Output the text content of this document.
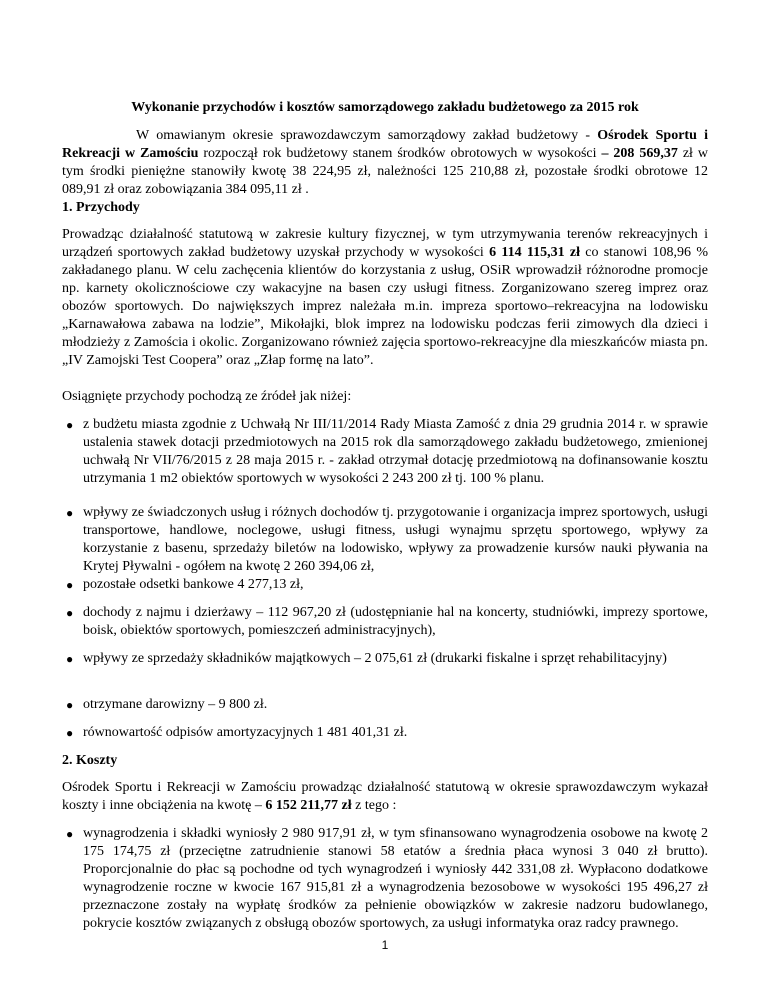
Wykonanie przychodów i kosztów samorządowego zakładu budżetowego za 2015 rok

W omawianym okresie sprawozdawczym samorządowy zakład budżetowy - Ośrodek Sportu i Rekreacji w Zamościu rozpoczął rok budżetowy stanem środków obrotowych w wysokości – 208 569,37 zł w tym środki pieniężne stanowiły kwotę 38 224,95 zł, należności 125 210,88 zł, pozostałe środki obrotowe 12 089,91 zł oraz zobowiązania 384 095,11 zł .

1. Przychody

Prowadząc działalność statutową w zakresie kultury fizycznej, w tym utrzymywania terenów rekreacyjnych i urządzeń sportowych zakład budżetowy uzyskał przychody w wysokości 6 114 115,31 zł co stanowi 108,96 % zakładanego planu. W celu zachęcenia klientów do korzystania z usług, OSiR wprowadził różnorodne promocje np. karnety okolicznościowe czy wakacyjne na basen czy usługi fitness. Zorganizowano szereg imprez oraz obozów sportowych. Do największych imprez należała m.in. impreza sportowo–rekreacyjna na lodowisku „Karnawałowa zabawa na lodzie”, Mikołajki, blok imprez na lodowisku podczas ferii zimowych dla dzieci i młodzieży z Zamościa i okolic. Zorganizowano również zajęcia sportowo-rekreacyjne dla mieszkańców miasta pn. „IV Zamojski Test Coopera” oraz „Złap formę na lato”.

Osiągnięte przychody pochodzą ze źródeł jak niżej:

● z budżetu miasta zgodnie z Uchwałą Nr III/11/2014 Rady Miasta Zamość z dnia 29 grudnia 2014 r. w sprawie ustalenia stawek dotacji przedmiotowych na 2015 rok dla samorządowego zakładu budżetowego, zmienionej uchwałą Nr VII/76/2015 z 28 maja 2015 r. - zakład otrzymał dotację przedmiotową na dofinansowanie kosztu utrzymania 1 m2 obiektów sportowych w wysokości 2 243 200 zł tj. 100 % planu.
● wpływy ze świadczonych usług i różnych dochodów tj. przygotowanie i organizacja imprez sportowych, usługi transportowe, handlowe, noclegowe, usługi fitness, usługi wynajmu sprzętu sportowego, wpływy za korzystanie z basenu, sprzedaży biletów na lodowisko, wpływy za prowadzenie kursów nauki pływania na Krytej Pływalni - ogółem na kwotę 2 260 394,06 zł,
● pozostałe odsetki bankowe 4 277,13 zł,
● dochody z najmu i dzierżawy – 112 967,20 zł (udostępnianie hal na koncerty, studniówki, imprezy sportowe, boisk, obiektów sportowych, pomieszczeń administracyjnych),
● wpływy ze sprzedaży składników majątkowych – 2 075,61 zł (drukarki fiskalne i sprzęt rehabilitacyjny)
● otrzymane darowizny – 9 800 zł.
● równowartość odpisów amortyzacyjnych 1 481 401,31 zł.
2. Koszty

Ośrodek Sportu i Rekreacji w Zamościu prowadząc działalność statutową w okresie sprawozdawczym wykazał koszty i inne obciążenia na kwotę – 6 152 211,77 zł z tego :

● wynagrodzenia i składki wyniosły 2 980 917,91 zł, w tym sfinansowano wynagrodzenia osobowe na kwotę 2 175 174,75 zł (przeciętne zatrudnienie stanowi 58 etatów a średnia płaca wynosi 3 040 zł brutto). Proporcjonalnie do płac są pochodne od tych wynagrodzeń i wyniosły 442 331,08 zł. Wypłacono dodatkowe wynagrodzenie roczne w kwocie 167 915,81 zł a wynagrodzenia bezosobowe w wysokości 195 496,27 zł przeznaczone zostały na wypłatę środków za pełnienie obowiązków w zakresie nadzoru budowlanego, pokrycie kosztów związanych z obsługą obozów sportowych, za usługi informatyka oraz radcy prawnego.
1
